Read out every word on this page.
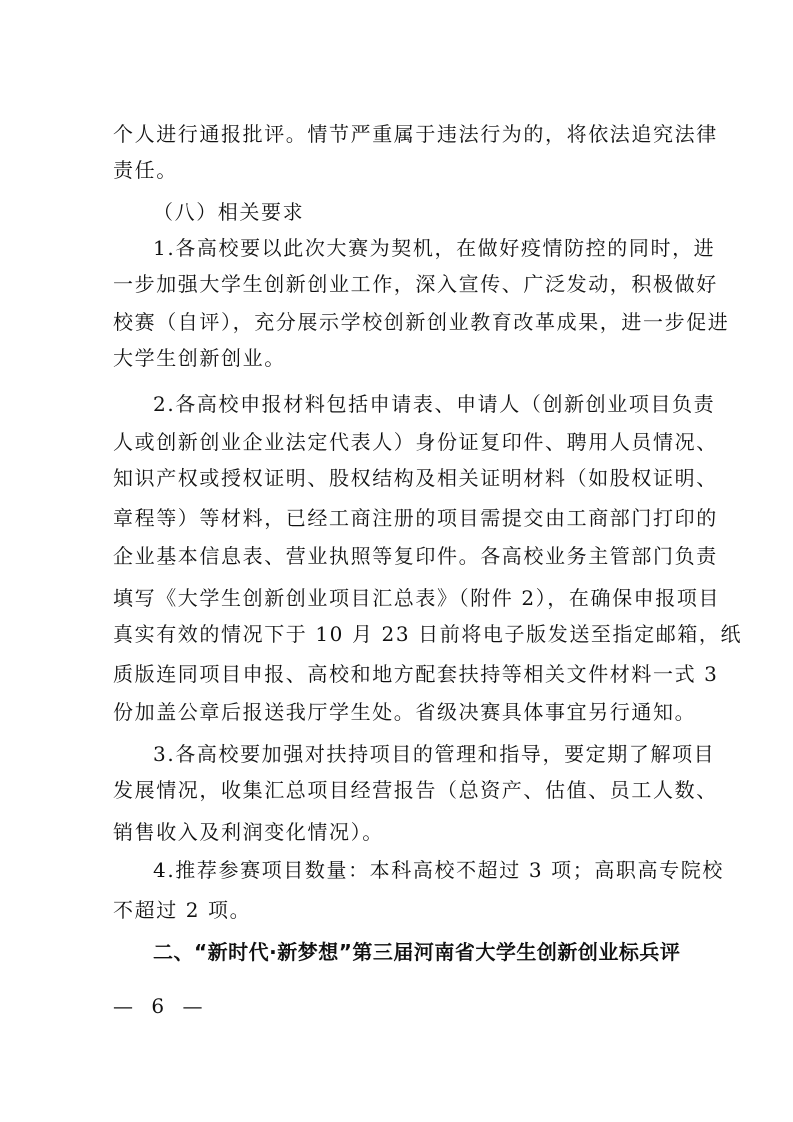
个人进行通报批评。情节严重属于违法行为的，将依法追究法律
责任。
（八）相关要求
1.各高校要以此次大赛为契机，在做好疫情防控的同时，进
一步加强大学生创新创业工作，深入宣传、广泛发动，积极做好
校赛（自评），充分展示学校创新创业教育改革成果，进一步促进
大学生创新创业。
2.各高校申报材料包括申请表、申请人（创新创业项目负责
人或创新创业企业法定代表人）身份证复印件、聘用人员情况、
知识产权或授权证明、股权结构及相关证明材料（如股权证明、
章程等）等材料，已经工商注册的项目需提交由工商部门打印的
企业基本信息表、营业执照等复印件。各高校业务主管部门负责
填写《大学生创新创业项目汇总表》（附件 2），在确保申报项目
真实有效的情况下于 10 月 23 日前将电子版发送至指定邮箱，纸
质版连同项目申报、高校和地方配套扶持等相关文件材料一式 3
份加盖公章后报送我厅学生处。省级决赛具体事宜另行通知。
3.各高校要加强对扶持项目的管理和指导，要定期了解项目
发展情况，收集汇总项目经营报告（总资产、估值、员工人数、
销售收入及利润变化情况）。
4.推荐参赛项目数量：本科高校不超过 3 项；高职高专院校
不超过 2 项。
二、“新时代·新梦想”第三届河南省大学生创新创业标兵评
— 6 —
